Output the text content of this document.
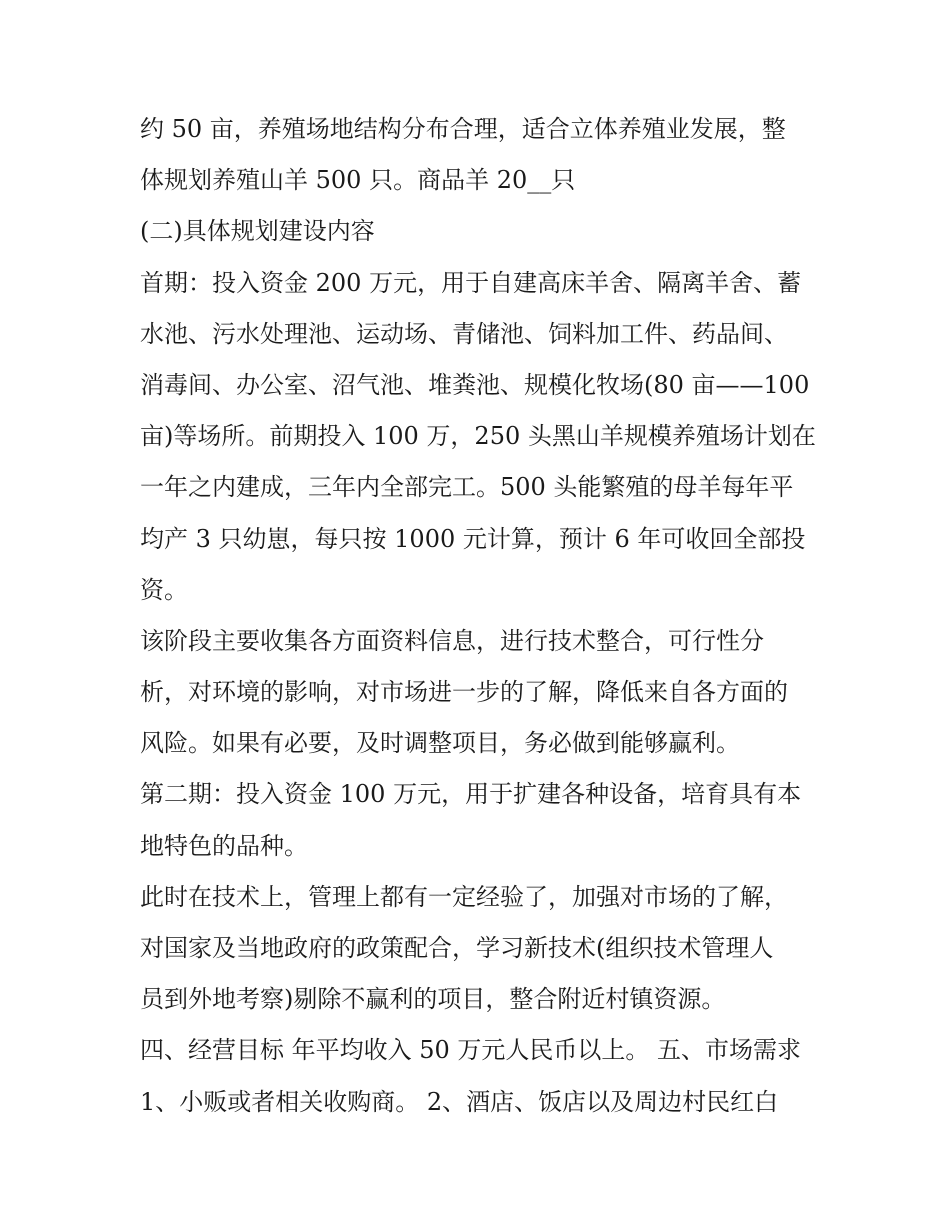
约 50 亩，养殖场地结构分布合理，适合立体养殖业发展，整
体规划养殖山羊 500 只。商品羊 20__只
(二)具体规划建设内容
首期：投入资金 200 万元，用于自建高床羊舍、隔离羊舍、蓄
水池、污水处理池、运动场、青储池、饲料加工件、药品间、
消毒间、办公室、沼气池、堆粪池、规模化牧场(80 亩——100
亩)等场所。前期投入 100 万，250 头黑山羊规模养殖场计划在
一年之内建成，三年内全部完工。500 头能繁殖的母羊每年平
均产 3 只幼崽，每只按 1000 元计算，预计 6 年可收回全部投
资。
该阶段主要收集各方面资料信息，进行技术整合，可行性分
析，对环境的影响，对市场进一步的了解，降低来自各方面的
风险。如果有必要，及时调整项目，务必做到能够赢利。
第二期：投入资金 100 万元，用于扩建各种设备，培育具有本
地特色的品种。
此时在技术上，管理上都有一定经验了，加强对市场的了解，
对国家及当地政府的政策配合，学习新技术(组织技术管理人
员到外地考察)剔除不赢利的项目，整合附近村镇资源。
四、经营目标 年平均收入 50 万元人民币以上。 五、市场需求
1、小贩或者相关收购商。 2、酒店、饭店以及周边村民红白
